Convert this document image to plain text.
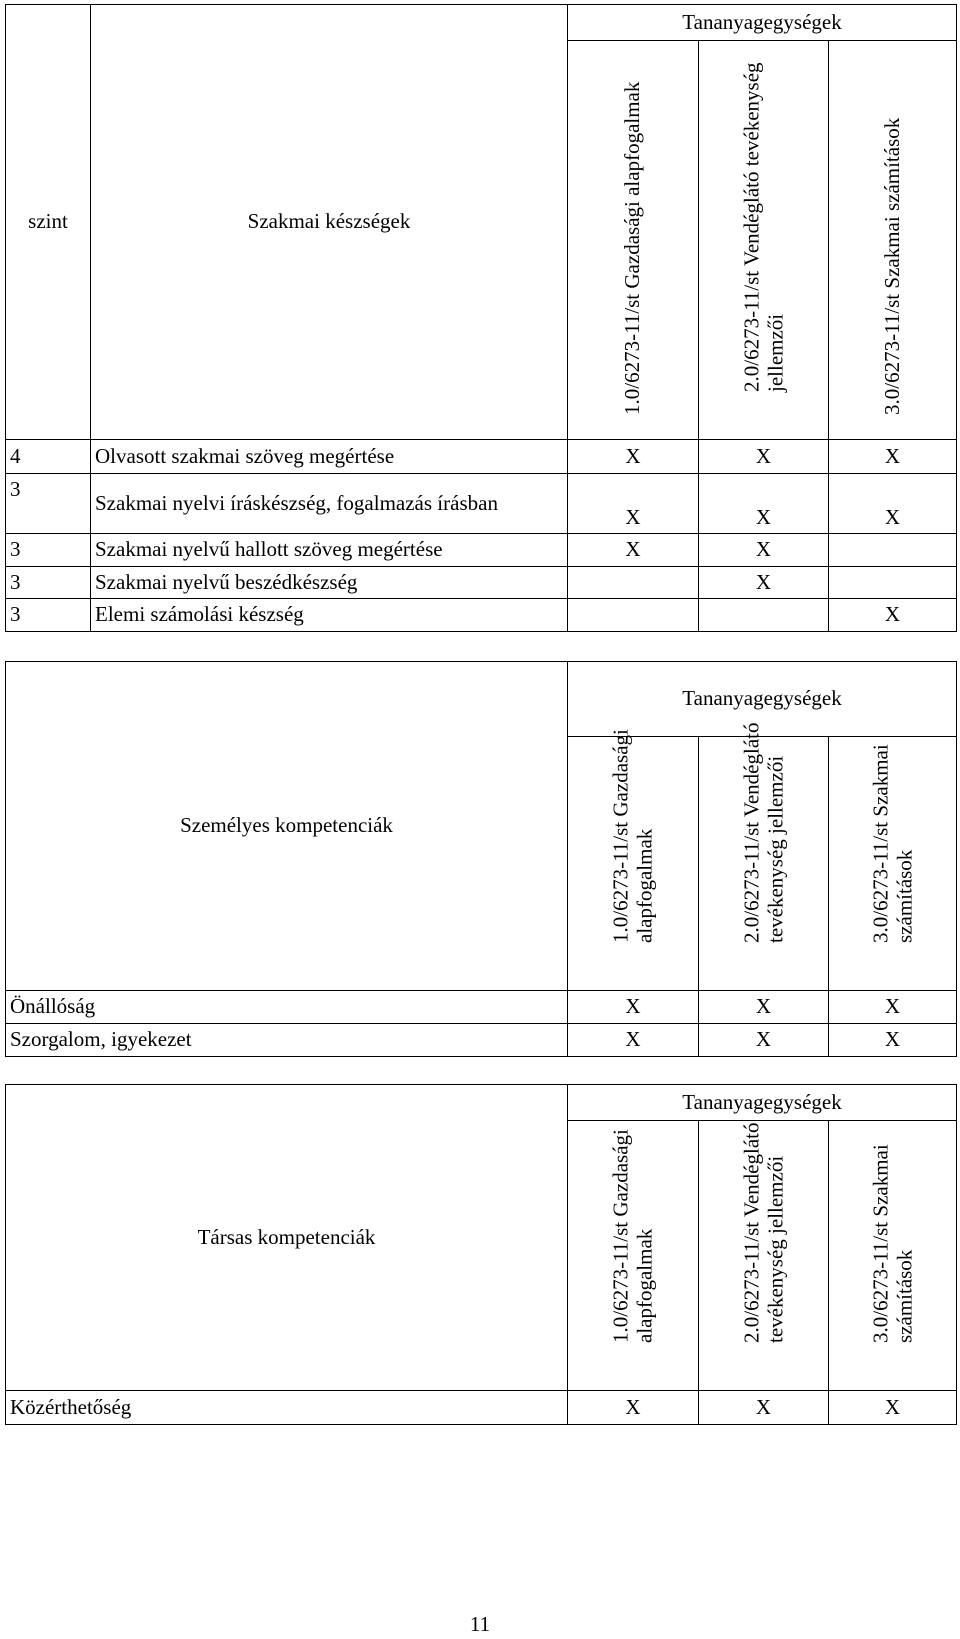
szint	Szakmai készségek	Tananyagegységek		

		1.0/6273-11/st Gazdasági alapfogalmak	2.0/6273-11/st Vendéglátó tevékenység jellemzői	3.0/6273-11/st Szakmai számítások

4	Olvasott szakmai szöveg megértése	X	X	X
3	Szakmai nyelvi íráskészség, fogalmazás írásban	X	X	X
3	Szakmai nyelvű hallott szöveg megértése	X	X	
3	Szakmai nyelvű beszédkészség		X	
3	Elemi számolási készség			X
Személyes kompetenciák	Tananyagegységek		

	1.0/6273-11/st Gazdasági alapfogalmak	2.0/6273-11/st Vendéglátó tevékenység jellemzői	3.0/6273-11/st Szakmai számítások

Önállóság	X	X	X
Szorgalom, igyekezet	X	X	X
Társas kompetenciák	Tananyagegységek		

	1.0/6273-11/st Gazdasági alapfogalmak	2.0/6273-11/st Vendéglátó tevékenység jellemzői	3.0/6273-11/st Szakmai számítások

Közérthetőség	X	X	X
11
